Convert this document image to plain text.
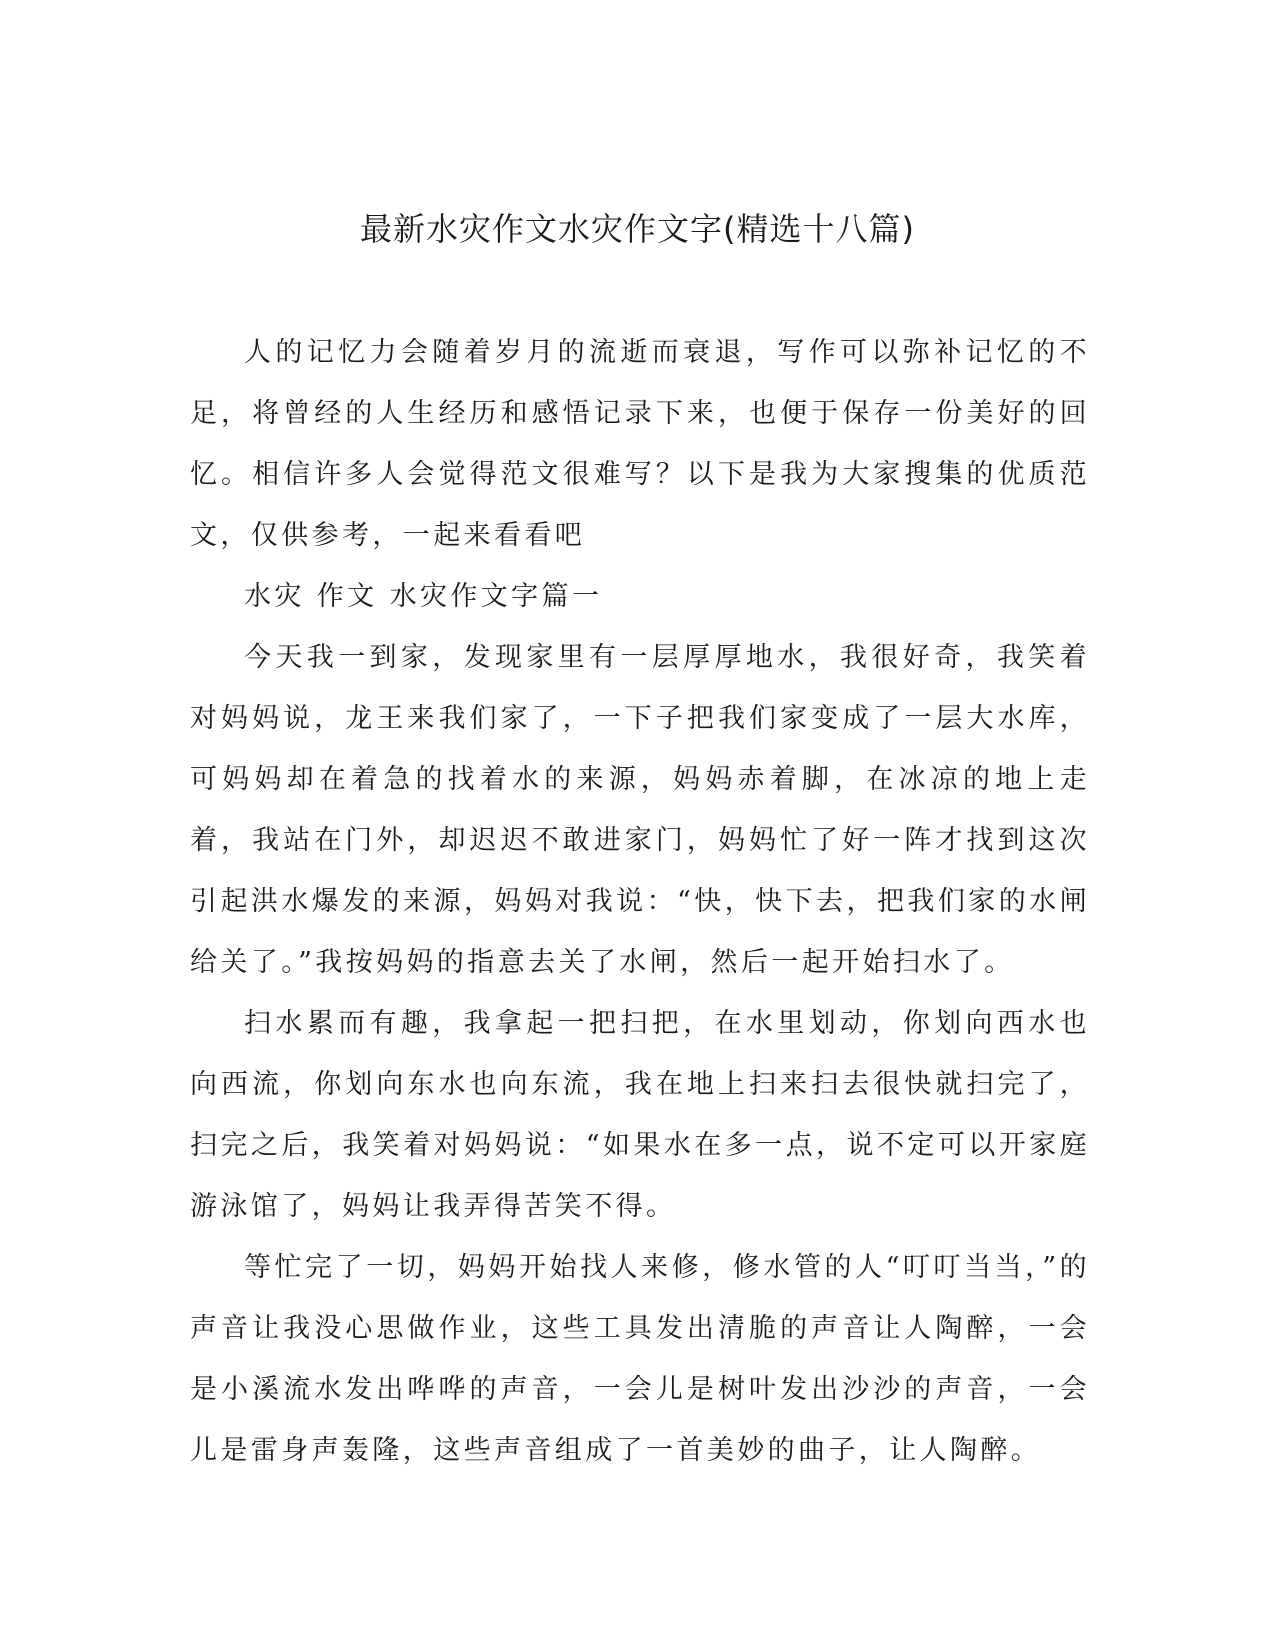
最新水灾作文水灾作文字(精选十八篇)

人的记忆力会随着岁月的流逝而衰退，写作可以弥补记忆的不足，将曾经的人生经历和感悟记录下来，也便于保存一份美好的回忆。相信许多人会觉得范文很难写？以下是我为大家搜集的优质范文，仅供参考，一起来看看吧

水灾 作文 水灾作文字篇一

今天我一到家，发现家里有一层厚厚地水，我很好奇，我笑着对妈妈说，龙王来我们家了，一下子把我们家变成了一层大水库，可妈妈却在着急的找着水的来源，妈妈赤着脚，在冰凉的地上走着，我站在门外，却迟迟不敢进家门，妈妈忙了好一阵才找到这次引起洪水爆发的来源，妈妈对我说：“快，快下去，把我们家的水闸给关了。”我按妈妈的指意去关了水闸，然后一起开始扫水了。

扫水累而有趣，我拿起一把扫把，在水里划动，你划向西水也向西流，你划向东水也向东流，我在地上扫来扫去很快就扫完了，扫完之后，我笑着对妈妈说：“如果水在多一点，说不定可以开家庭游泳馆了，妈妈让我弄得苦笑不得。

等忙完了一切，妈妈开始找人来修，修水管的人“叮叮当当，”的声音让我没心思做作业，这些工具发出清脆的声音让人陶醉，一会是小溪流水发出哗哗的声音，一会儿是树叶发出沙沙的声音，一会儿是雷身声轰隆，这些声音组成了一首美妙的曲子，让人陶醉。
